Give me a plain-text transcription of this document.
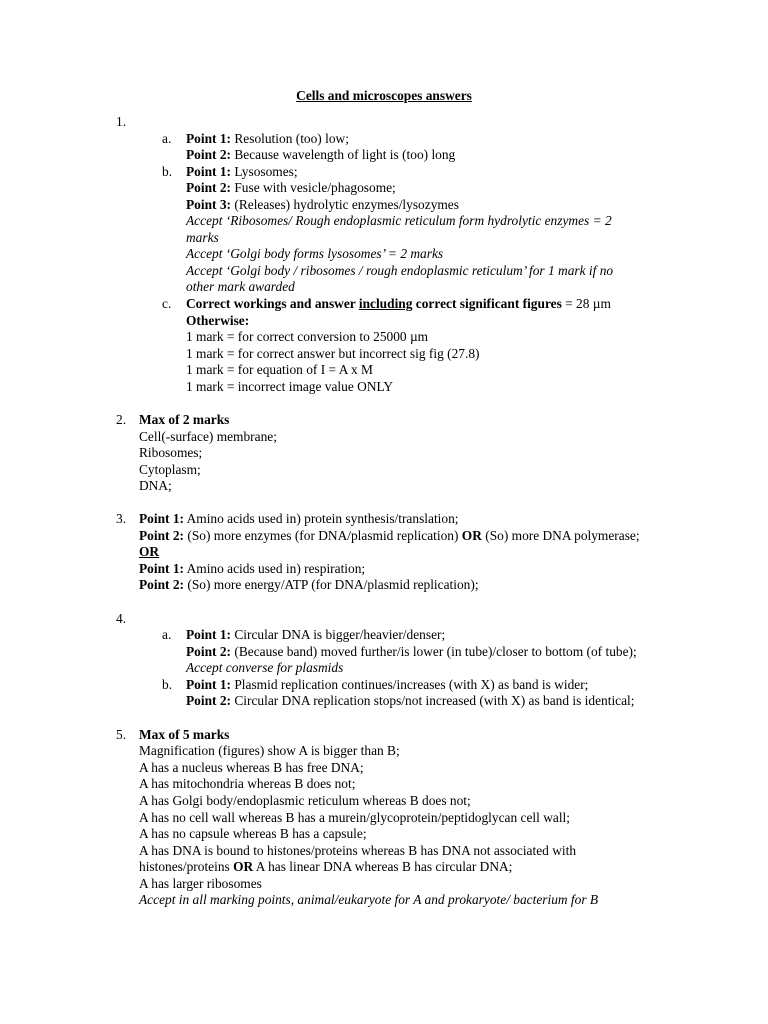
Cells and microscopes answers
1.
a. Point 1: Resolution (too) low;
Point 2: Because wavelength of light is (too) long
b. Point 1: Lysosomes;
Point 2: Fuse with vesicle/phagosome;
Point 3: (Releases) hydrolytic enzymes/lysozymes
Accept ‘Ribosomes/ Rough endoplasmic reticulum form hydrolytic enzymes = 2
marks
Accept ‘Golgi body forms lysosomes’ = 2 marks
Accept ‘Golgi body / ribosomes / rough endoplasmic reticulum’ for 1 mark if no
other mark awarded
c. Correct workings and answer including correct significant figures = 28 µm
Otherwise:
1 mark = for correct conversion to 25000 µm
1 mark = for correct answer but incorrect sig fig (27.8)
1 mark = for equation of I = A x M
1 mark = incorrect image value ONLY
2. Max of 2 marks
Cell(-surface) membrane;
Ribosomes;
Cytoplasm;
DNA;
3. Point 1: Amino acids used in) protein synthesis/translation;
Point 2: (So) more enzymes (for DNA/plasmid replication) OR (So) more DNA polymerase;
OR
Point 1: Amino acids used in) respiration;
Point 2: (So) more energy/ATP (for DNA/plasmid replication);
4.
a. Point 1: Circular DNA is bigger/heavier/denser;
Point 2: (Because band) moved further/is lower (in tube)/closer to bottom (of tube);
Accept converse for plasmids
b. Point 1: Plasmid replication continues/increases (with X) as band is wider;
Point 2: Circular DNA replication stops/not increased (with X) as band is identical;
5. Max of 5 marks
Magnification (figures) show A is bigger than B;
A has a nucleus whereas B has free DNA;
A has mitochondria whereas B does not;
A has Golgi body/endoplasmic reticulum whereas B does not;
A has no cell wall whereas B has a murein/glycoprotein/peptidoglycan cell wall;
A has no capsule whereas B has a capsule;
A has DNA is bound to histones/proteins whereas B has DNA not associated with
histones/proteins OR A has linear DNA whereas B has circular DNA;
A has larger ribosomes
Accept in all marking points, animal/eukaryote for A and prokaryote/ bacterium for B
